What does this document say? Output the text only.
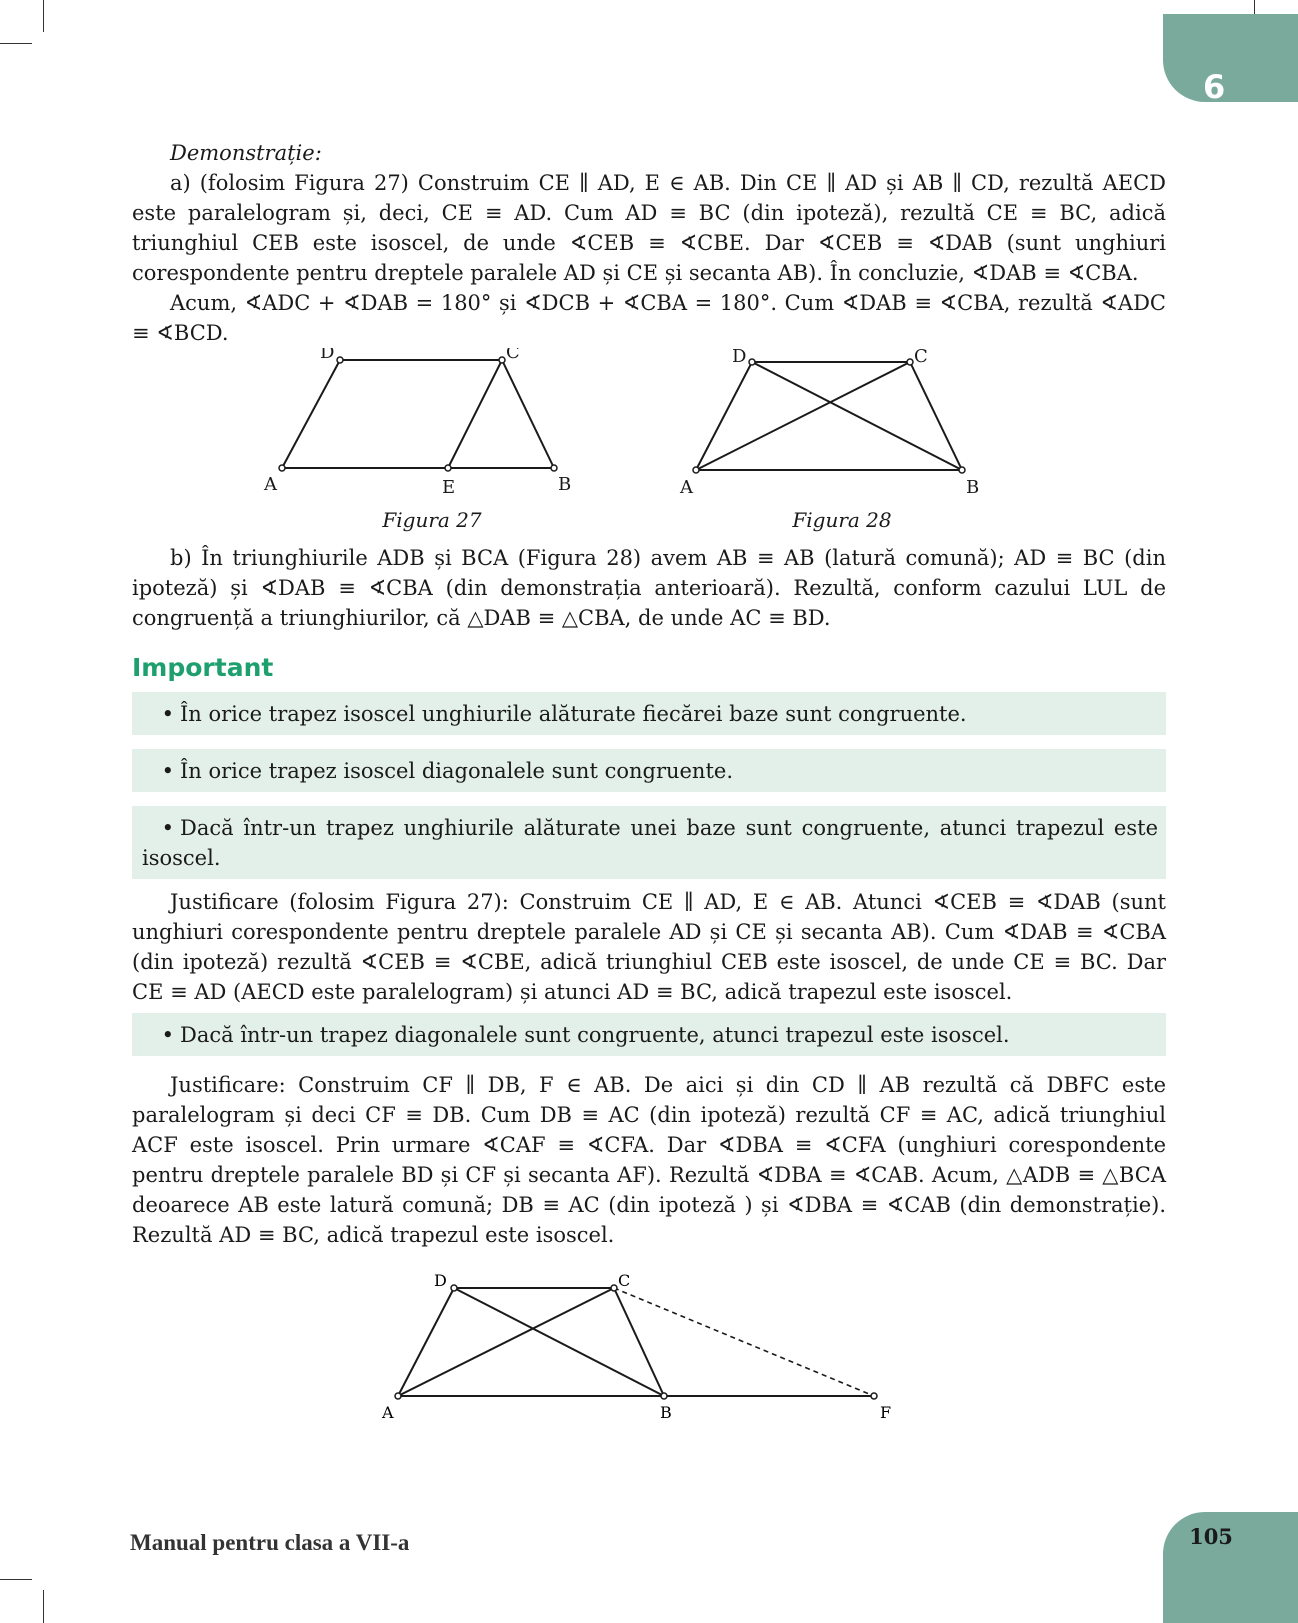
6

Demonstrație:

a) (folosim Figura 27) Construim CE ∥ AD, E ∈ AB. Din CE ∥ AD și AB ∥ CD, rezultă AECD este paralelogram și, deci, CE ≡ AD. Cum AD ≡ BC (din ipoteză), rezultă CE ≡ BC, adică triunghiul CEB este isoscel, de unde ∢CEB ≡ ∢CBE. Dar ∢CEB ≡ ∢DAB (sunt unghiuri corespondente pentru dreptele paralele AD și CE și secanta AB). În concluzie, ∢DAB ≡ ∢CBA.

Acum, ∢ADC + ∢DAB = 180° și ∢DCB + ∢CBA = 180°. Cum ∢DAB ≡ ∢CBA, rezultă ∢ADC ≡ ∢BCD.

A	B
C
D
E
Figura 27
A	B
C
D
Figura 28

b) În triunghiurile ADB și BCA (Figura 28) avem AB ≡ AB (latură comună); AD ≡ BC (din ipoteză) și ∢DAB ≡ ∢CBA (din demonstrația anterioară). Rezultă, conform cazului LUL de congruență a triunghiurilor, că △DAB ≡ △CBA, de unde AC ≡ BD.

Important
• În orice trapez isoscel unghiurile alăturate fiecărei baze sunt congruente.
• În orice trapez isoscel diagonalele sunt congruente.
• Dacă într-un trapez unghiurile alăturate unei baze sunt congruente, atunci trapezul este isoscel.

Justificare (folosim Figura 27): Construim CE ∥ AD, E ∈ AB. Atunci ∢CEB ≡ ∢DAB (sunt unghiuri corespondente pentru dreptele paralele AD și CE și secanta AB). Cum ∢DAB ≡ ∢CBA (din ipoteză) rezultă ∢CEB ≡ ∢CBE, adică triunghiul CEB este isoscel, de unde CE ≡ BC. Dar CE ≡ AD (AECD este paralelogram) și atunci AD ≡ BC, adică trapezul este isoscel.

• Dacă într-un trapez diagonalele sunt congruente, atunci trapezul este isoscel.

Justificare: Construim CF ∥ DB, F ∈ AB. De aici și din CD ∥ AB rezultă că DBFC este paralelogram și deci CF ≡ DB. Cum DB ≡ AC (din ipoteză) rezultă CF ≡ AC, adică triunghiul ACF este isoscel. Prin urmare ∢CAF ≡ ∢CFA. Dar ∢DBA ≡ ∢CFA (unghiuri corespondente pentru dreptele paralele BD și CF și secanta AF). Rezultă ∢DBA ≡ ∢CAB. Acum, △ADB ≡ △BCA deoarece AB este latură comună; DB ≡ AC (din ipoteză ) și ∢DBA ≡ ∢CAB (din demonstrație). Rezultă AD ≡ BC, adică trapezul este isoscel.

A	B
C
D
F
Manual pentru clasa a VII-a	105
